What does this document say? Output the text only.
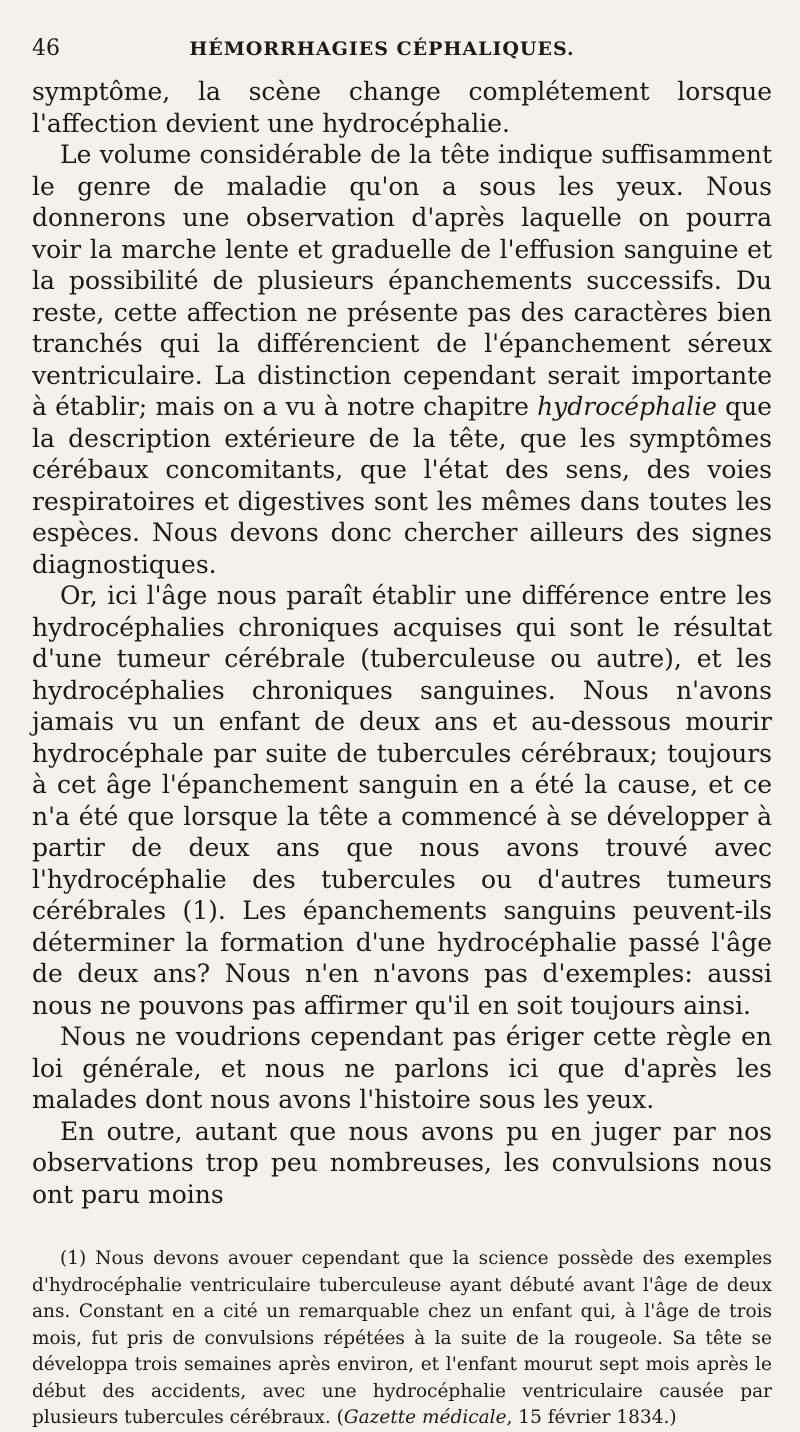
46	HÉMORRHAGIES CÉPHALIQUES.

symptôme, la scène change complétement lorsque l'affection devient une hydrocéphalie.

Le volume considérable de la tête indique suffisamment le genre de maladie qu'on a sous les yeux. Nous donnerons une observation d'après laquelle on pourra voir la marche lente et graduelle de l'effusion sanguine et la possibilité de plusieurs épanchements successifs. Du reste, cette affection ne présente pas des caractères bien tranchés qui la différencient de l'épanchement séreux ventriculaire. La distinction cependant serait importante à établir; mais on a vu à notre chapitre hydrocéphalie que la description extérieure de la tête, que les symptômes cérébaux concomitants, que l'état des sens, des voies respiratoires et digestives sont les mêmes dans toutes les espèces. Nous devons donc chercher ailleurs des signes diagnostiques.

Or, ici l'âge nous paraît établir une différence entre les hydrocéphalies chroniques acquises qui sont le résultat d'une tumeur cérébrale (tuberculeuse ou autre), et les hydrocéphalies chroniques sanguines. Nous n'avons jamais vu un enfant de deux ans et au-dessous mourir hydrocéphale par suite de tubercules cérébraux; toujours à cet âge l'épanchement sanguin en a été la cause, et ce n'a été que lorsque la tête a commencé à se développer à partir de deux ans que nous avons trouvé avec l'hydrocéphalie des tubercules ou d'autres tumeurs cérébrales (1). Les épanchements sanguins peuvent-ils déterminer la formation d'une hydrocéphalie passé l'âge de deux ans? Nous n'en n'avons pas d'exemples: aussi nous ne pouvons pas affirmer qu'il en soit toujours ainsi.

Nous ne voudrions cependant pas ériger cette règle en loi générale, et nous ne parlons ici que d'après les malades dont nous avons l'histoire sous les yeux.

En outre, autant que nous avons pu en juger par nos observations trop peu nombreuses, les convulsions nous ont paru moins

(1) Nous devons avouer cependant que la science possède des exemples d'hydrocéphalie ventriculaire tuberculeuse ayant débuté avant l'âge de deux ans. Constant en a cité un remarquable chez un enfant qui, à l'âge de trois mois, fut pris de convulsions répétées à la suite de la rougeole. Sa tête se développa trois semaines après environ, et l'enfant mourut sept mois après le début des accidents, avec une hydrocéphalie ventriculaire causée par plusieurs tubercules cérébraux. (Gazette médicale, 15 février 1834.)
